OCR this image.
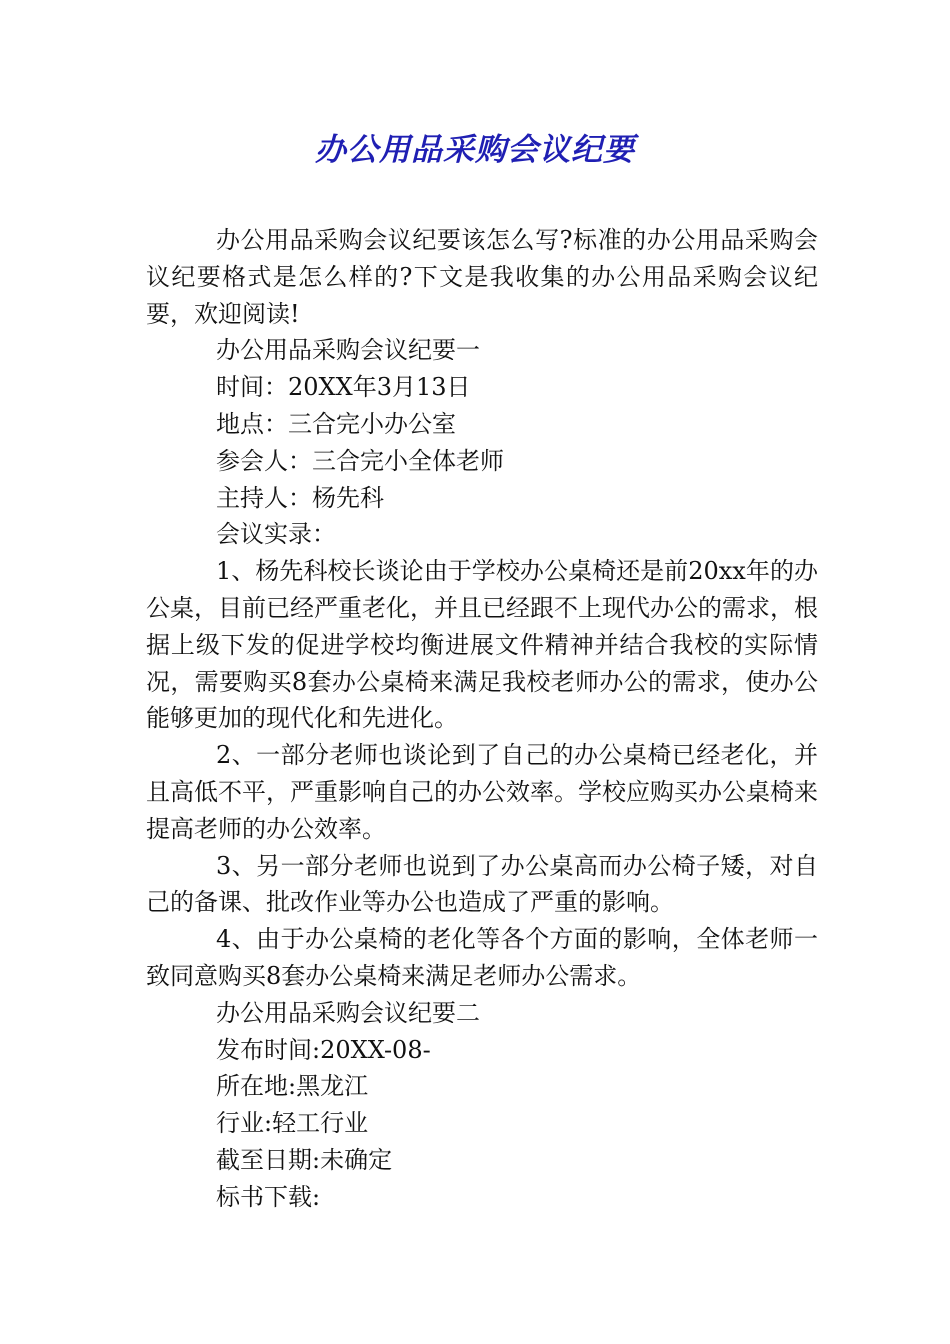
办公用品采购会议纪要

办公用品采购会议纪要该怎么写?标准的办公用品采购会议纪要格式是怎么样的?下文是我收集的办公用品采购会议纪要，欢迎阅读!

办公用品采购会议纪要一

时间：20XX年3月13日

地点：三合完小办公室

参会人：三合完小全体老师

主持人：杨先科

会议实录：

1、杨先科校长谈论由于学校办公桌椅还是前20xx年的办公桌，目前已经严重老化，并且已经跟不上现代办公的需求，根据上级下发的促进学校均衡进展文件精神并结合我校的实际情况，需要购买8套办公桌椅来满足我校老师办公的需求，使办公能够更加的现代化和先进化。

2、一部分老师也谈论到了自己的办公桌椅已经老化，并且高低不平，严重影响自己的办公效率。学校应购买办公桌椅来提高老师的办公效率。

3、另一部分老师也说到了办公桌高而办公椅子矮，对自己的备课、批改作业等办公也造成了严重的影响。

4、由于办公桌椅的老化等各个方面的影响，全体老师一致同意购买8套办公桌椅来满足老师办公需求。

办公用品采购会议纪要二

发布时间:20XX-08-

所在地:黑龙江

行业:轻工行业

截至日期:未确定

标书下载:
